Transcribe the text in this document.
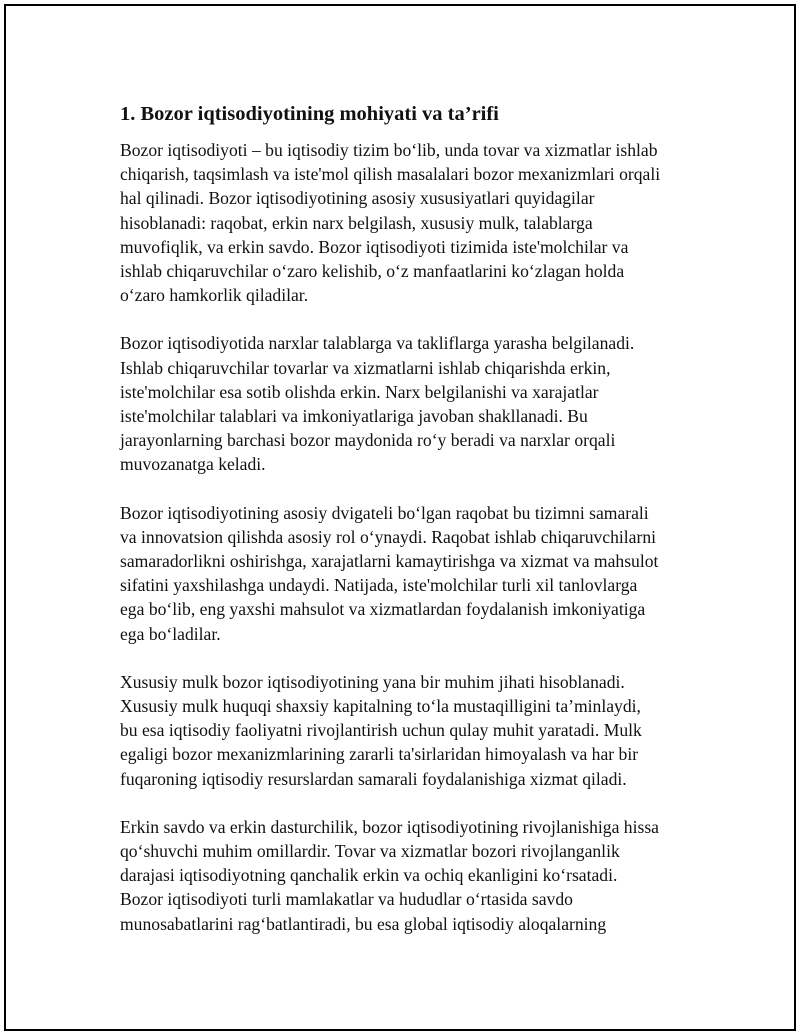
1. Bozor iqtisodiyotining mohiyati va ta’rifi

Bozor iqtisodiyoti – bu iqtisodiy tizim bo‘lib, unda tovar va xizmatlar ishlab
chiqarish, taqsimlash va iste'mol qilish masalalari bozor mexanizmlari orqali
hal qilinadi. Bozor iqtisodiyotining asosiy xususiyatlari quyidagilar
hisoblanadi: raqobat, erkin narx belgilash, xususiy mulk, talablarga
muvofiqlik, va erkin savdo. Bozor iqtisodiyoti tizimida iste'molchilar va
ishlab chiqaruvchilar o‘zaro kelishib, o‘z manfaatlarini ko‘zlagan holda
o‘zaro hamkorlik qiladilar.

Bozor iqtisodiyotida narxlar talablarga va takliflarga yarasha belgilanadi.
Ishlab chiqaruvchilar tovarlar va xizmatlarni ishlab chiqarishda erkin,
iste'molchilar esa sotib olishda erkin. Narx belgilanishi va xarajatlar
iste'molchilar talablari va imkoniyatlariga javoban shakllanadi. Bu
jarayonlarning barchasi bozor maydonida ro‘y beradi va narxlar orqali
muvozanatga keladi.

Bozor iqtisodiyotining asosiy dvigateli bo‘lgan raqobat bu tizimni samarali
va innovatsion qilishda asosiy rol o‘ynaydi. Raqobat ishlab chiqaruvchilarni
samaradorlikni oshirishga, xarajatlarni kamaytirishga va xizmat va mahsulot
sifatini yaxshilashga undaydi. Natijada, iste'molchilar turli xil tanlovlarga
ega bo‘lib, eng yaxshi mahsulot va xizmatlardan foydalanish imkoniyatiga
ega bo‘ladilar.

Xususiy mulk bozor iqtisodiyotining yana bir muhim jihati hisoblanadi.
Xususiy mulk huquqi shaxsiy kapitalning to‘la mustaqilligini ta’minlaydi,
bu esa iqtisodiy faoliyatni rivojlantirish uchun qulay muhit yaratadi. Mulk
egaligi bozor mexanizmlarining zararli ta'sirlaridan himoyalash va har bir
fuqaroning iqtisodiy resurslardan samarali foydalanishiga xizmat qiladi.

Erkin savdo va erkin dasturchilik, bozor iqtisodiyotining rivojlanishiga hissa
qo‘shuvchi muhim omillardir. Tovar va xizmatlar bozori rivojlanganlik
darajasi iqtisodiyotning qanchalik erkin va ochiq ekanligini ko‘rsatadi.
Bozor iqtisodiyoti turli mamlakatlar va hududlar o‘rtasida savdo
munosabatlarini rag‘batlantiradi, bu esa global iqtisodiy aloqalarning
